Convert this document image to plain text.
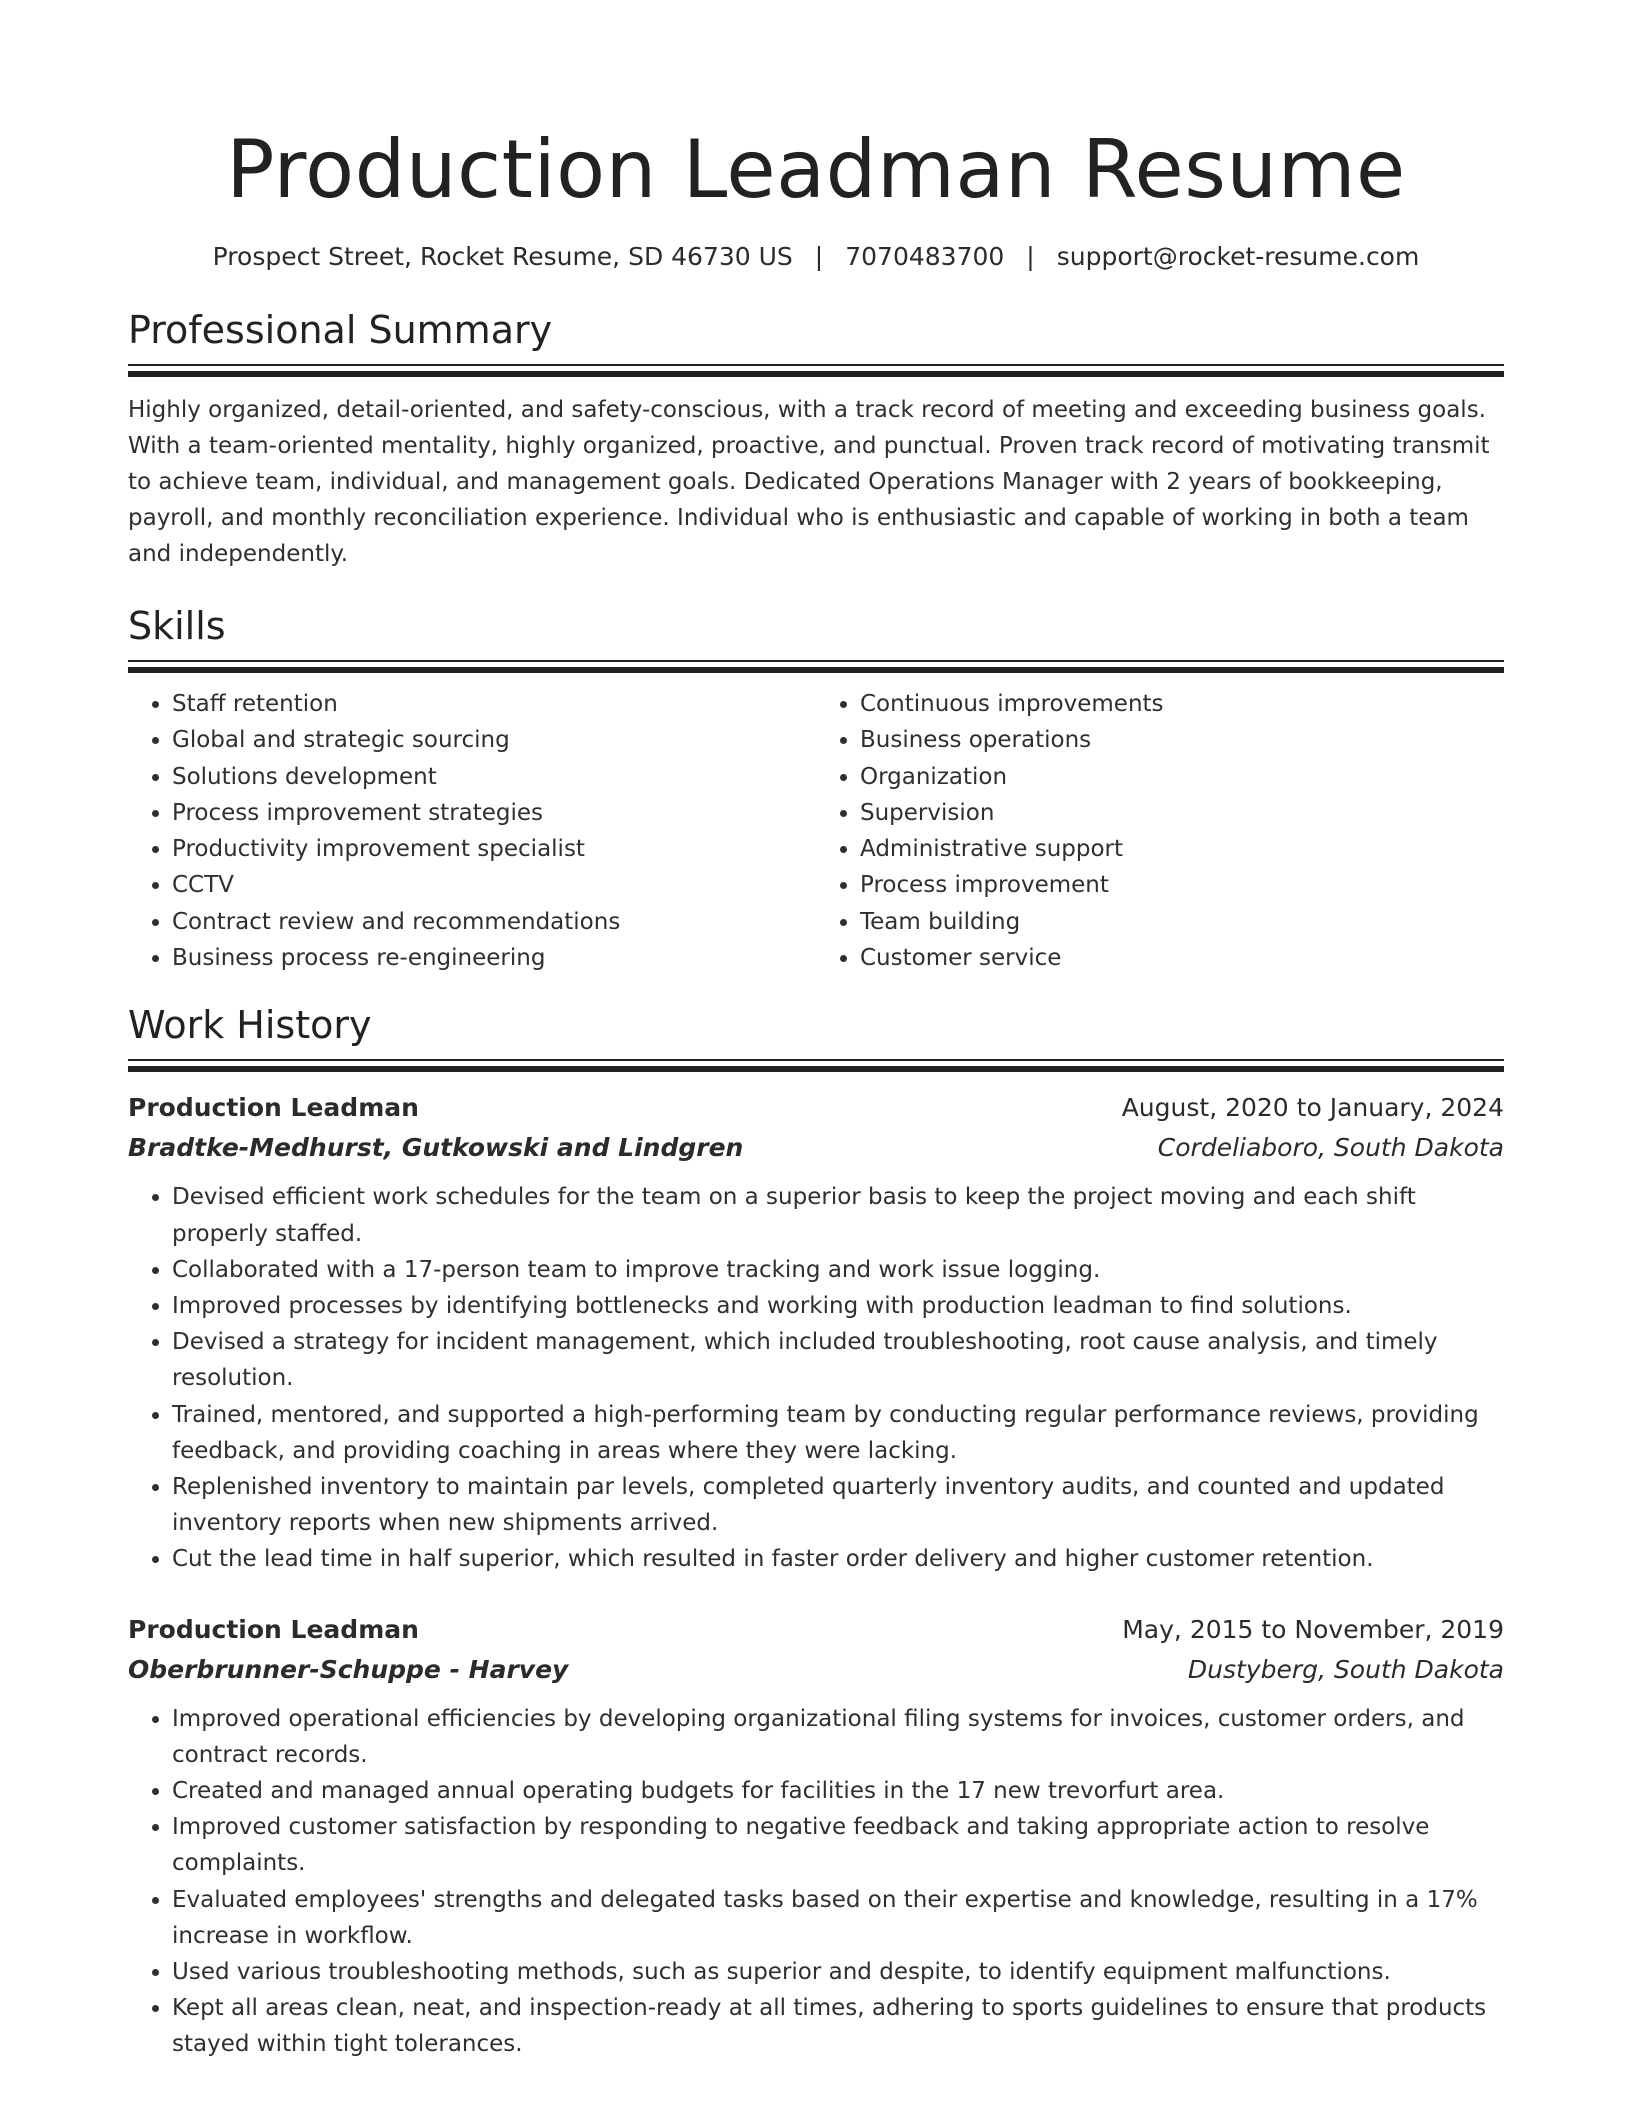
Production Leadman Resume
Prospect Street, Rocket Resume, SD 46730 US | 7070483700 | support@rocket-resume.com
Professional Summary

Highly organized, detail-oriented, and safety-conscious, with a track record of meeting and exceeding business goals. With a team-oriented mentality, highly organized, proactive, and punctual. Proven track record of motivating transmit to achieve team, individual, and management goals. Dedicated Operations Manager with 2 years of bookkeeping, payroll, and monthly reconciliation experience. Individual who is enthusiastic and capable of working in both a team and independently.

Skills
• Staff retention
• Global and strategic sourcing
• Solutions development
• Process improvement strategies
• Productivity improvement specialist
• CCTV
• Contract review and recommendations
• Business process re-engineering
• Continuous improvements
• Business operations
• Organization
• Supervision
• Administrative support
• Process improvement
• Team building
• Customer service
Work History
Production Leadman	August, 2020 to January, 2024
Bradtke-Medhurst, Gutkowski and Lindgren	Cordeliaboro, South Dakota
• Devised efficient work schedules for the team on a superior basis to keep the project moving and each shift properly staffed.
• Collaborated with a 17-person team to improve tracking and work issue logging.
• Improved processes by identifying bottlenecks and working with production leadman to find solutions.
• Devised a strategy for incident management, which included troubleshooting, root cause analysis, and timely resolution.
• Trained, mentored, and supported a high-performing team by conducting regular performance reviews, providing feedback, and providing coaching in areas where they were lacking.
• Replenished inventory to maintain par levels, completed quarterly inventory audits, and counted and updated inventory reports when new shipments arrived.
• Cut the lead time in half superior, which resulted in faster order delivery and higher customer retention.
Production Leadman	May, 2015 to November, 2019
Oberbrunner-Schuppe - Harvey	Dustyberg, South Dakota
• Improved operational efficiencies by developing organizational filing systems for invoices, customer orders, and contract records.
• Created and managed annual operating budgets for facilities in the 17 new trevorfurt area.
• Improved customer satisfaction by responding to negative feedback and taking appropriate action to resolve complaints.
• Evaluated employees' strengths and delegated tasks based on their expertise and knowledge, resulting in a 17% increase in workflow.
• Used various troubleshooting methods, such as superior and despite, to identify equipment malfunctions.
• Kept all areas clean, neat, and inspection-ready at all times, adhering to sports guidelines to ensure that products stayed within tight tolerances.
